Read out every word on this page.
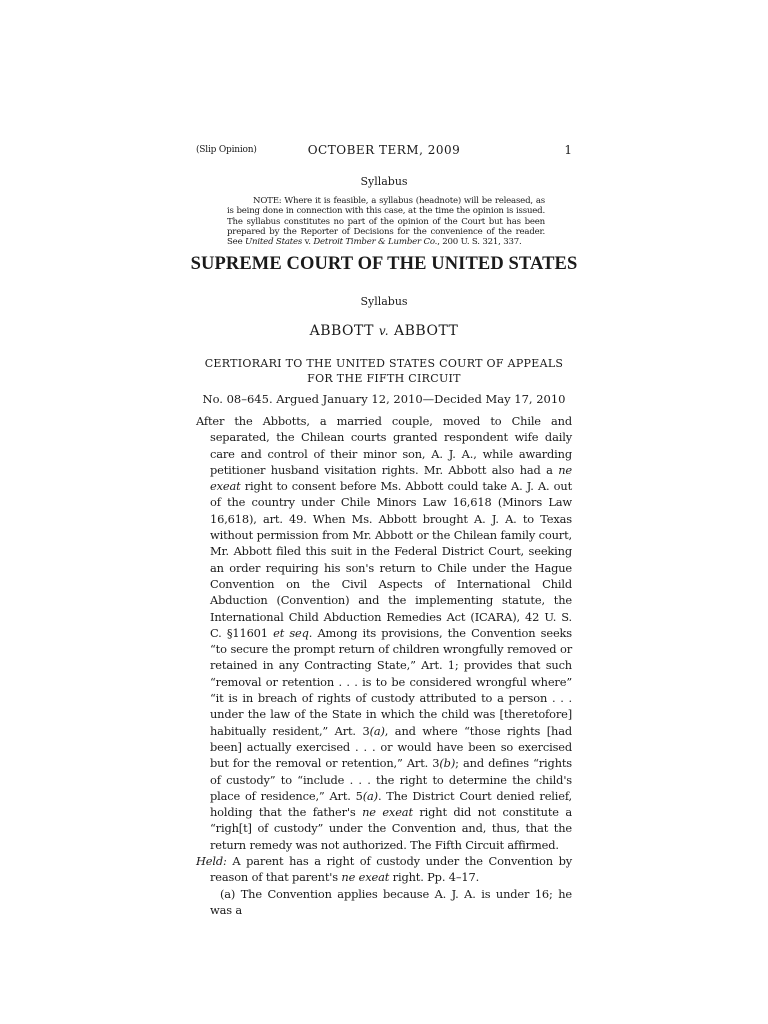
(Slip Opinion)	OCTOBER TERM, 2009	1
Syllabus
NOTE: Where it is feasible, a syllabus (headnote) will be released, as is being done in connection with this case, at the time the opinion is issued. The syllabus constitutes no part of the opinion of the Court but has been prepared by the Reporter of Decisions for the convenience of the reader. See United States v. Detroit Timber & Lumber Co., 200 U. S. 321, 337.
SUPREME COURT OF THE UNITED STATES
Syllabus
ABBOTT v. ABBOTT
CERTIORARI TO THE UNITED STATES COURT OF APPEALS FOR THE FIFTH CIRCUIT
No. 08–645. Argued January 12, 2010—Decided May 17, 2010

After the Abbotts, a married couple, moved to Chile and separated, the Chilean courts granted respondent wife daily care and control of their minor son, A. J. A., while awarding petitioner husband visitation rights. Mr. Abbott also had a ne exeat right to consent before Ms. Abbott could take A. J. A. out of the country under Chile Minors Law 16,618 (Minors Law 16,618), art. 49. When Ms. Abbott brought A. J. A. to Texas without permission from Mr. Abbott or the Chilean family court, Mr. Abbott filed this suit in the Federal District Court, seeking an order requiring his son's return to Chile under the Hague Convention on the Civil Aspects of International Child Abduction (Convention) and the implementing statute, the International Child Abduction Remedies Act (ICARA), 42 U. S. C. §11601 et seq. Among its provisions, the Convention seeks “to secure the prompt return of children wrongfully removed or retained in any Contracting State,” Art. 1; provides that such “removal or retention . . . is to be considered wrongful where” “it is in breach of rights of custody attributed to a person . . . under the law of the State in which the child was [theretofore] habitually resident,” Art. 3(a), and where “those rights [had been] actually exercised . . . or would have been so exercised but for the removal or retention,” Art. 3(b); and defines “rights of custody” to “include . . . the right to determine the child's place of residence,” Art. 5(a). The District Court denied relief, holding that the father's ne exeat right did not constitute a “righ[t] of custody” under the Convention and, thus, that the return remedy was not authorized. The Fifth Circuit affirmed.

Held: A parent has a right of custody under the Convention by reason of that parent's ne exeat right. Pp. 4–17.

(a) The Convention applies because A. J. A. is under 16; he was a
